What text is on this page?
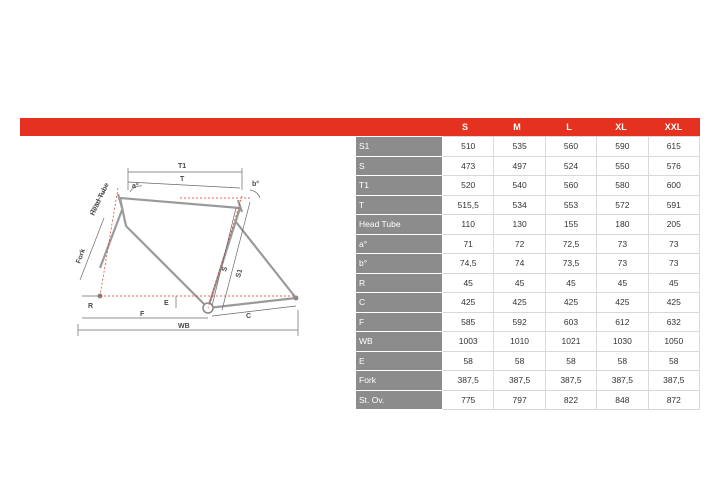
S	M	L	XL	XXL
T1
T
a°	b°
Head Tube
Fork
S S1
R	E
F	C
WB
S1	510	535	560	590	615
S	473	497	524	550	576
T1	520	540	560	580	600
T	515,5	534	553	572	591
Head Tube	110	130	155	180	205
a°	71	72	72,5	73	73
b°	74,5	74	73,5	73	73
R	45	45	45	45	45
C	425	425	425	425	425
F	585	592	603	612	632
WB	1003	1010	1021	1030	1050
E	58	58	58	58	58
Fork	387,5	387,5	387,5	387,5	387,5
St. Ov.	775	797	822	848	872
